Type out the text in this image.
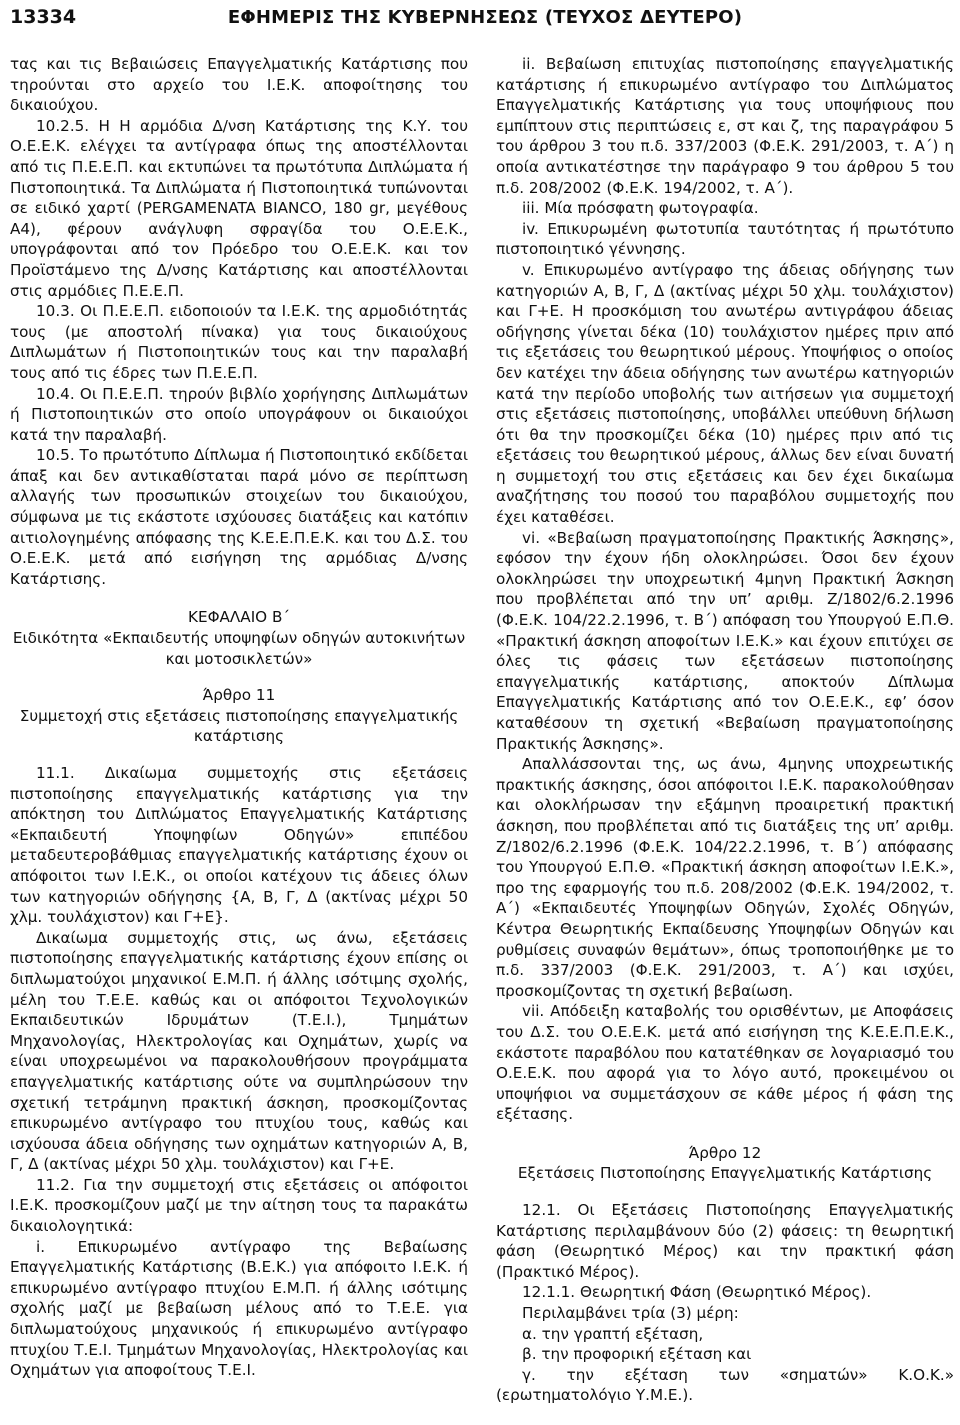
13334	ΕΦΗΜΕΡΙΣ ΤΗΣ ΚΥΒΕΡΝΗΣΕΩΣ (ΤΕΥΧΟΣ ΔΕΥΤΕΡΟ)

τας και τις Βεβαιώσεις Επαγγελματικής Κατάρτισης που τηρούνται στο αρχείο του Ι.Ε.Κ. αποφοίτησης του δικαιούχου.

10.2.5. Η Η αρμόδια Δ/νση Κατάρτισης της Κ.Υ. του Ο.Ε.Ε.Κ. ελέγχει τα αντίγραφα όπως της αποστέλλονται από τις Π.Ε.Ε.Π. και εκτυπώνει τα πρωτότυπα Διπλώματα ή Πιστοποιητικά. Τα Διπλώματα ή Πιστοποιητικά τυπώνονται σε ειδικό χαρτί (PERGAMENATA BIANCO, 180 gr, μεγέθους Α4), φέρουν ανάγλυφη σφραγίδα του Ο.Ε.Ε.Κ., υπογράφονται από τον Πρόεδρο του Ο.Ε.Ε.Κ. και τον Προϊστάμενο της Δ/νσης Κατάρτισης και αποστέλλονται στις αρμόδιες Π.Ε.Ε.Π.

10.3. Οι Π.Ε.Ε.Π. ειδοποιούν τα Ι.Ε.Κ. της αρμοδιότητάς τους (με αποστολή πίνακα) για τους δικαιούχους Διπλωμάτων ή Πιστοποιητικών τους και την παραλαβή τους από τις έδρες των Π.Ε.Ε.Π.

10.4. Οι Π.Ε.Ε.Π. τηρούν βιβλίο χορήγησης Διπλωμάτων ή Πιστοποιητικών στο οποίο υπογράφουν οι δικαιούχοι κατά την παραλαβή.

10.5. Το πρωτότυπο Δίπλωμα ή Πιστοποιητικό εκδίδεται άπαξ και δεν αντικαθίσταται παρά μόνο σε περίπτωση αλλαγής των προσωπικών στοιχείων του δικαιούχου, σύμφωνα με τις εκάστοτε ισχύουσες διατάξεις και κατόπιν αιτιολογημένης απόφασης της Κ.Ε.Ε.Π.Ε.Κ. και του Δ.Σ. του Ο.Ε.Ε.Κ. μετά από εισήγηση της αρμόδιας Δ/νσης Κατάρτισης.

ΚΕΦΑΛΑΙΟ Β΄

Ειδικότητα «Εκπαιδευτής υποψηφίων οδηγών αυτοκινήτων και μοτοσικλετών»

Άρθρο 11

Συμμετοχή στις εξετάσεις πιστοποίησης επαγγελματικής κατάρτισης

11.1. Δικαίωμα συμμετοχής στις εξετάσεις πιστοποίησης επαγγελματικής κατάρτισης για την απόκτηση του Διπλώματος Επαγγελματικής Κατάρτισης «Εκπαιδευτή Υποψηφίων Οδηγών» επιπέδου μεταδευτεροβάθμιας επαγγελματικής κατάρτισης έχουν οι απόφοιτοι των Ι.Ε.Κ., οι οποίοι κατέχουν τις άδειες όλων των κατηγοριών οδήγησης {Α, Β, Γ, Δ (ακτίνας μέχρι 50 χλμ. τουλάχιστον) και Γ+Ε}.

Δικαίωμα συμμετοχής στις, ως άνω, εξετάσεις πιστοποίησης επαγγελματικής κατάρτισης έχουν επίσης οι διπλωματούχοι μηχανικοί Ε.Μ.Π. ή άλλης ισότιμης σχολής, μέλη του Τ.Ε.Ε. καθώς και οι απόφοιτοι Τεχνολογικών Εκπαιδευτικών Ιδρυμάτων (Τ.Ε.Ι.), Τμημάτων Μηχανολογίας, Ηλεκτρολογίας και Οχημάτων, χωρίς να είναι υποχρεωμένοι να παρακολουθήσουν προγράμματα επαγγελματικής κατάρτισης ούτε να συμπληρώσουν την σχετική τετράμηνη πρακτική άσκηση, προσκομίζοντας επικυρωμένο αντίγραφο του πτυχίου τους, καθώς και ισχύουσα άδεια οδήγησης των οχημάτων κατηγοριών Α, Β, Γ, Δ (ακτίνας μέχρι 50 χλμ. τουλάχιστον) και Γ+Ε.

11.2. Για την συμμετοχή στις εξετάσεις οι απόφοιτοι Ι.Ε.Κ. προσκομίζουν μαζί με την αίτηση τους τα παρακάτω δικαιολογητικά:

i. Επικυρωμένο αντίγραφο της Βεβαίωσης Επαγγελματικής Κατάρτισης (Β.Ε.Κ.) για απόφοιτο Ι.Ε.Κ. ή επικυρωμένο αντίγραφο πτυχίου Ε.Μ.Π. ή άλλης ισότιμης σχολής μαζί με βεβαίωση μέλους από το Τ.Ε.Ε. για διπλωματούχους μηχανικούς ή επικυρωμένο αντίγραφο πτυχίου Τ.Ε.Ι. Τμημάτων Μηχανολογίας, Ηλεκτρολογίας και Οχημάτων για αποφοίτους Τ.Ε.Ι.

ii. Βεβαίωση επιτυχίας πιστοποίησης επαγγελματικής κατάρτισης ή επικυρωμένο αντίγραφο του Διπλώματος Επαγγελματικής Κατάρτισης για τους υποψήφιους που εμπίπτουν στις περιπτώσεις ε, στ και ζ, της παραγράφου 5 του άρθρου 3 του π.δ. 337/2003 (Φ.Ε.Κ. 291/2003, τ. Α΄) η οποία αντικατέστησε την παράγραφο 9 του άρθρου 5 του π.δ. 208/2002 (Φ.Ε.Κ. 194/2002, τ. Α΄).

iii. Μία πρόσφατη φωτογραφία.

iv. Επικυρωμένη φωτοτυπία ταυτότητας ή πρωτότυπο πιστοποιητικό γέννησης.

v. Επικυρωμένο αντίγραφο της άδειας οδήγησης των κατηγοριών Α, Β, Γ, Δ (ακτίνας μέχρι 50 χλμ. τουλάχιστον) και Γ+Ε. Η προσκόμιση του ανωτέρω αντιγράφου άδειας οδήγησης γίνεται δέκα (10) τουλάχιστον ημέρες πριν από τις εξετάσεις του θεωρητικού μέρους. Υποψήφιος ο οποίος δεν κατέχει την άδεια οδήγησης των ανωτέρω κατηγοριών κατά την περίοδο υποβολής των αιτήσεων για συμμετοχή στις εξετάσεις πιστοποίησης, υποβάλλει υπεύθυνη δήλωση ότι θα την προσκομίζει δέκα (10) ημέρες πριν από τις εξετάσεις του θεωρητικού μέρους, άλλως δεν είναι δυνατή η συμμετοχή του στις εξετάσεις και δεν έχει δικαίωμα αναζήτησης του ποσού του παραβόλου συμμετοχής που έχει καταθέσει.

vi. «Βεβαίωση πραγματοποίησης Πρακτικής Άσκησης», εφόσον την έχουν ήδη ολοκληρώσει. Όσοι δεν έχουν ολοκληρώσει την υποχρεωτική 4μηνη Πρακτική Άσκηση που προβλέπεται από την υπ’ αριθμ. Ζ/1802/6.2.1996 (Φ.Ε.Κ. 104/22.2.1996, τ. Β΄) απόφαση του Υπουργού Ε.Π.Θ. «Πρακτική άσκηση αποφοίτων Ι.Ε.Κ.» και έχουν επιτύχει σε όλες τις φάσεις των εξετάσεων πιστοποίησης επαγγελματικής κατάρτισης, αποκτούν Δίπλωμα Επαγγελματικής Κατάρτισης από τον Ο.Ε.Ε.Κ., εφ’ όσον καταθέσουν τη σχετική «Βεβαίωση πραγματοποίησης Πρακτικής Άσκησης».

Απαλλάσσονται της, ως άνω, 4μηνης υποχρεωτικής πρακτικής άσκησης, όσοι απόφοιτοι Ι.Ε.Κ. παρακολούθησαν και ολοκλήρωσαν την εξάμηνη προαιρετική πρακτική άσκηση, που προβλέπεται από τις διατάξεις της υπ’ αριθμ. Ζ/1802/6.2.1996 (Φ.Ε.Κ. 104/22.2.1996, τ. Β΄) απόφασης του Υπουργού Ε.Π.Θ. «Πρακτική άσκηση αποφοίτων Ι.Ε.Κ.», προ της εφαρμογής του π.δ. 208/2002 (Φ.Ε.Κ. 194/2002, τ. Α΄) «Εκπαιδευτές Υποψηφίων Οδηγών, Σχολές Οδηγών, Κέντρα Θεωρητικής Εκπαίδευσης Υποψηφίων Οδηγών και ρυθμίσεις συναφών θεμάτων», όπως τροποποιήθηκε με το π.δ. 337/2003 (Φ.Ε.Κ. 291/2003, τ. Α΄) και ισχύει, προσκομίζοντας τη σχετική βεβαίωση.

vii. Απόδειξη καταβολής του ορισθέντων, με Αποφάσεις του Δ.Σ. του Ο.Ε.Ε.Κ. μετά από εισήγηση της Κ.Ε.Ε.Π.Ε.Κ., εκάστοτε παραβόλου που κατατέθηκαν σε λογαριασμό του Ο.Ε.Ε.Κ. που αφορά για το λόγο αυτό, προκειμένου οι υποψήφιοι να συμμετάσχουν σε κάθε μέρος ή φάση της εξέτασης.

Άρθρο 12

Εξετάσεις Πιστοποίησης Επαγγελματικής Κατάρτισης

12.1. Οι Εξετάσεις Πιστοποίησης Επαγγελματικής Κατάρτισης περιλαμβάνουν δύο (2) φάσεις: τη θεωρητική φάση (Θεωρητικό Μέρος) και την πρακτική φάση (Πρακτικό Μέρος).

12.1.1. Θεωρητική Φάση (Θεωρητικό Μέρος).

Περιλαμβάνει τρία (3) μέρη:

α. την γραπτή εξέταση,

β. την προφορική εξέταση και

γ. την εξέταση των «σηματών» Κ.Ο.Κ.» (ερωτηματολόγιο Υ.Μ.Ε.).
